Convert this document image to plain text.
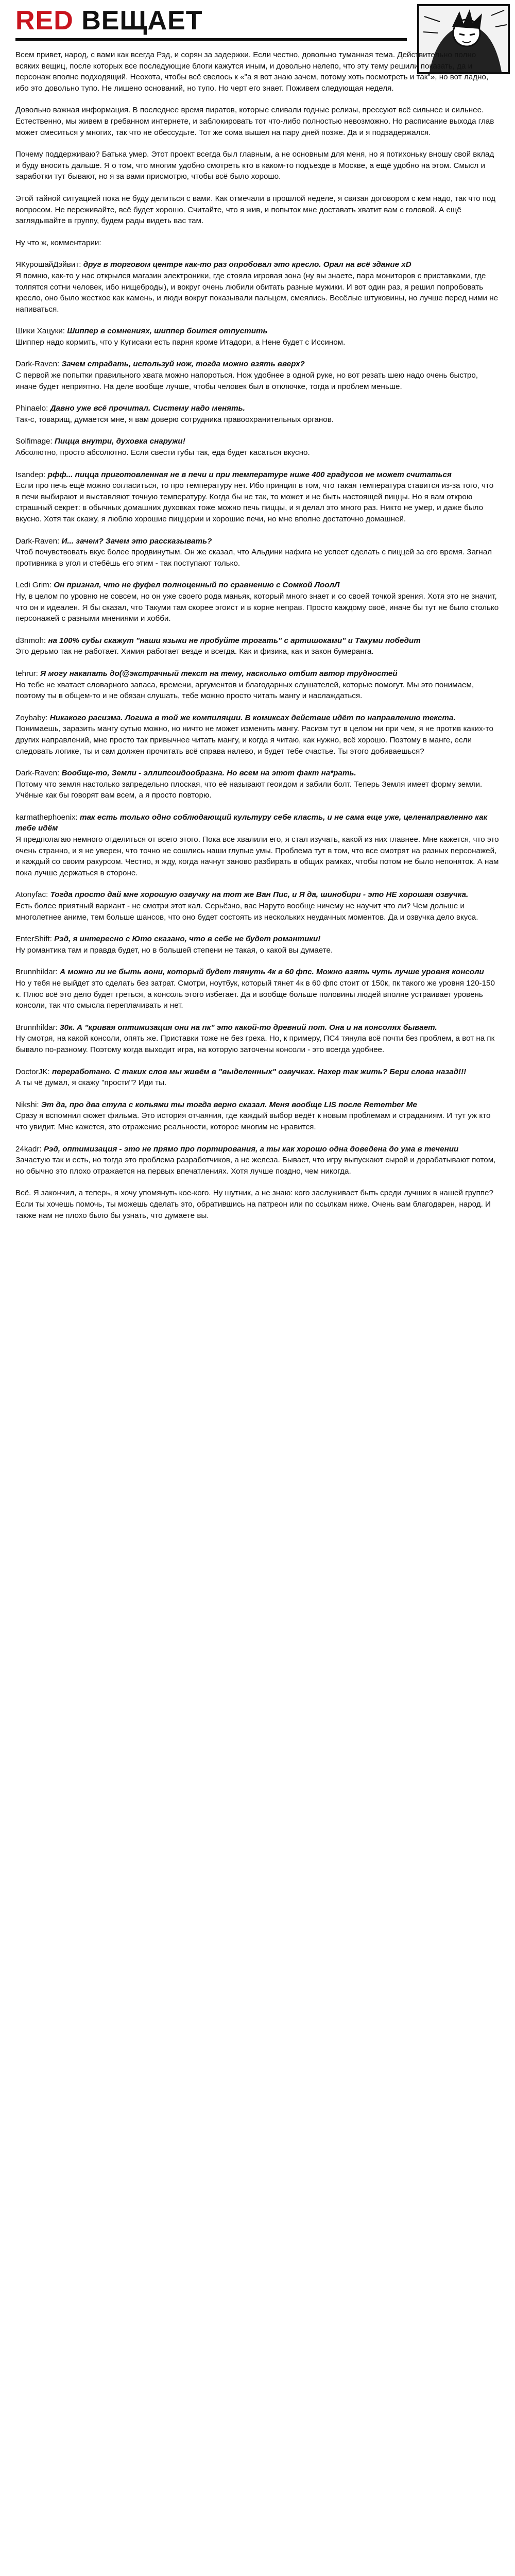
RED ВЕЩАЕТ

Всем привет, народ, с вами как всегда Рэд, и сорян за задержки. Если честно, довольно туманная тема. Действительно полно всяких вещиц, после которых все последующие блоги кажутся иным, и довольно нелепо, что эту тему решили показать, да и персонаж вполне подходящий. Неохота, чтобы всё свелось к «"а я вот знаю зачем, потому хоть посмотреть и так"», но вот ладно, ибо это довольно тупо. Не лишено оснований, но тупо. Но черт его знает. Поживем следующая неделя.

Довольно важная информация. В последнее время пиратов, которые сливали годные релизы, прессуют всё сильнее и сильнее. Естественно, мы живем в гребанном интернете, и заблокировать тот что-либо полностью невозможно. Но расписание выхода глав может смеситься у многих, так что не обессудьте. Тот же сома вышел на пару дней позже. Да и я подзадержался.

Почему поддерживаю? Батька умер. Этот проект всегда был главным, а не основным для меня, но я потихоньку вношу свой вклад и буду вносить дальше. Я о том, что многим удобно смотреть кто в каком-то подъезде в Москве, а ещё удобно на этом. Смысл и заработки тут бывают, но я за вами присмотрю, чтобы всё было хорошо.

Этой тайной ситуацией пока не буду делиться с вами. Как отмечали в прошлой неделе, я связан договором с кем надо, так что под вопросом. Не переживайте, всё будет хорошо. Считайте, что я жив, и попыток мне доставать хватит вам с головой. А ещё заглядывайте в группу, будем рады видеть вас там.

Ну что ж, комментарии:

ЯКурошайДэйвит: друг в торговом центре как-то раз опробовал это кресло. Орал на всё здание xD
Я помню, как-то у нас открылся магазин электроники, где стояла игровая зона (ну вы знаете, пара мониторов с приставками, где толпятся сотни человек, ибо нищеброды), и вокруг очень любили обитать разные мужики. И вот один раз, я решил попробовать кресло, оно было жесткое как камень, и люди вокруг показывали пальцем, смеялись. Весёлые штуковины, но лучше перед ними не напиваться.

Шики Хацуки: Шиппер в сомнениях, шиппер боится отпустить
Шиппер надо кормить, что у Кугисаки есть парня кроме Итадори, а Нене будет с Иссином.

Dark-Raven: Зачем страдать, используй нож, тогда можно взять вверх?
С первой же попытки правильного хвата можно напороться. Нож удобнее в одной руке, но вот резать шею надо очень быстро, иначе будет неприятно. На деле вообще лучше, чтобы человек был в отключке, тогда и проблем меньше.

Phinaelo: Давно уже всё прочитал. Систему надо менять.
Так-с, товарищ, думается мне, я вам доверю сотрудника правоохранительных органов.

Solfimage: Пицца внутри, духовка снаружи!
Абсолютно, просто абсолютно. Если свести губы так, еда будет касаться вкусно.

Isandep: рфф... пицца приготовленная не в печи и при температуре ниже 400 градусов не может считаться
Если про печь ещё можно согласиться, то про температуру нет. Ибо принцип в том, что такая температура ставится из-за того, что в печи выбирают и выставляют точную температуру. Когда бы не так, то может и не быть настоящей пиццы. Но я вам открою страшный секрет: в обычных домашних духовках тоже можно печь пиццы, и я делал это много раз. Никто не умер, и даже было вкусно. Хотя так скажу, я люблю хорошие пиццерии и хорошие печи, но мне вполне достаточно домашней.

Dark-Raven: И... зачем? Зачем это рассказывать?
Чтоб почувствовать вкус более продвинутым. Он же сказал, что Альдини нафига не успеет сделать с пиццей за его время. Загнал противника в угол и стебёшь его этим - так поступают только.

Ledi Grim: Он признал, что не фуфел полноценный по сравнению с Сомкой ЛоолЛ
Ну, в целом по уровню не совсем, но он уже своего рода маньяк, который много знает и со своей точкой зрения. Хотя это не значит, что он и идеален. Я бы сказал, что Такуми там скорее эгоист и в корне неправ. Просто каждому своё, иначе бы тут не было столько персонажей с разными мнениями и хобби.

d3nmoh: на 100% субы скажут "наши языки не пробуйте трогать" с артишоками" и Такуми победит
Это дерьмо так не работает. Химия работает везде и всегда. Как и физика, как и закон бумеранга.

tehrur: Я могу накапать до(@экстрачный текст на тему, насколько отбит автор трудностей
Но тебе не хватает словарного запаса, времени, аргументов и благодарных слушателей, которые помогут. Мы это понимаем, поэтому ты в общем-то и не обязан слушать, тебе можно просто читать мангу и наслаждаться.

Zoybaby: Никакого расизма. Логика в той же компиляции. В комиксах действие идёт по направлению текста.
Понимаешь, заразить мангу сутью можно, но ничто не может изменить мангу. Расизм тут в целом ни при чем, я не против каких-то других направлений, мне просто так привычнее читать мангу, и когда я читаю, как нужно, всё хорошо. Поэтому в манге, если следовать логике, ты и сам должен прочитать всё справа налево, и будет тебе счастье. Ты этого добиваешься?

Dark-Raven: Вообще-то, Земли - эллипсоидообразна. Но всем на этот факт на*рать.
Потому что земля настолько запредельно плоская, что её называют геоидом и забили болт. Теперь Земля имеет форму земли. Учёные как бы говорят вам всем, а я просто повторю.

karmathephoenix: так есть только одно соблюдающий культуру себе класть, и не сама еще уже, целенаправленно как тебе идём
Я предполагаю немного отделиться от всего этого. Пока все хвалили его, я стал изучать, какой из них главнее. Мне кажется, что это очень странно, и я не уверен, что точно не сошлись наши глупые умы. Проблема тут в том, что все смотрят на разных персонажей, и каждый со своим ракурсом. Честно, я жду, когда начнут заново разбирать в общих рамках, чтобы потом не было непоняток. А нам пока лучше держаться в стороне.

Atonyfac: Тогда просто дай мне хорошую озвучку на тот же Ван Пис, и Я да, шинобири - это НЕ хорошая озвучка.
Есть более приятный вариант - не смотри этот кал. Серьёзно, вас Наруто вообще ничему не научит что ли? Чем дольше и многолетнее аниме, тем больше шансов, что оно будет состоять из нескольких неудачных моментов. Да и озвучка дело вкуса.

EnterShift: Рэд, я интересно с Юто сказано, что в себе не будет романтики!
Ну романтика там и правда будет, но в большей степени не такая, о какой вы думаете.

Brunnhildar: А можно ли не быть вони, который будет тянуть 4к в 60 фпс. Можно взять чуть лучше уровня консоли
Но у тебя не выйдет это сделать без затрат. Смотри, ноутбук, который тянет 4к в 60 фпс стоит от 150к, пк такого же уровня 120-150 к. Плюс всё это дело будет греться, а консоль этого избегает. Да и вообще больше половины людей вполне устраивает уровень консоли, так что смысла переплачивать и нет.

Brunnhildar: 30к. А "кривая оптимизация они на пк" это какой-то древний пот. Она и на консолях бывает.
Ну смотря, на какой консоли, опять же. Приставки тоже не без греха. Но, к примеру, ПС4 тянула всё почти без проблем, а вот на пк бывало по-разному. Поэтому когда выходит игра, на которую заточены консоли - это всегда удобнее.

DoctorJK: переработано. С таких слов мы живём в "выделенных" озвучках. Нахер так жить? Бери слова назад!!!
А ты чё думал, я скажу "прости"? Иди ты.

Nikshi: Эт да, про два стула с копьями ты тогда верно сказал. Меня вообще LIS после Remember Me
Сразу я вспомнил сюжет фильма. Это история отчаяния, где каждый выбор ведёт к новым проблемам и страданиям. И тут уж кто что увидит. Мне кажется, это отражение реальности, которое многим не нравится.

24kadr: Рэд, оптимизация - это не прямо про портирования, а ты как хорошо одна доведена до ума в течении
Зачастую так и есть, но тогда это проблема разработчиков, а не железа. Бывает, что игру выпускают сырой и дорабатывают потом, но обычно это плохо отражается на первых впечатлениях. Хотя лучше поздно, чем никогда.

Всё. Я закончил, а теперь, я хочу упомянуть кое-кого. Ну шутник, а не знаю: кого заслуживает быть среди лучших в нашей группе? Если ты хочешь помочь, ты можешь сделать это, обратившись на патреон или по ссылкам ниже. Очень вам благодарен, народ. И также нам не плохо было бы узнать, что думаете вы.
